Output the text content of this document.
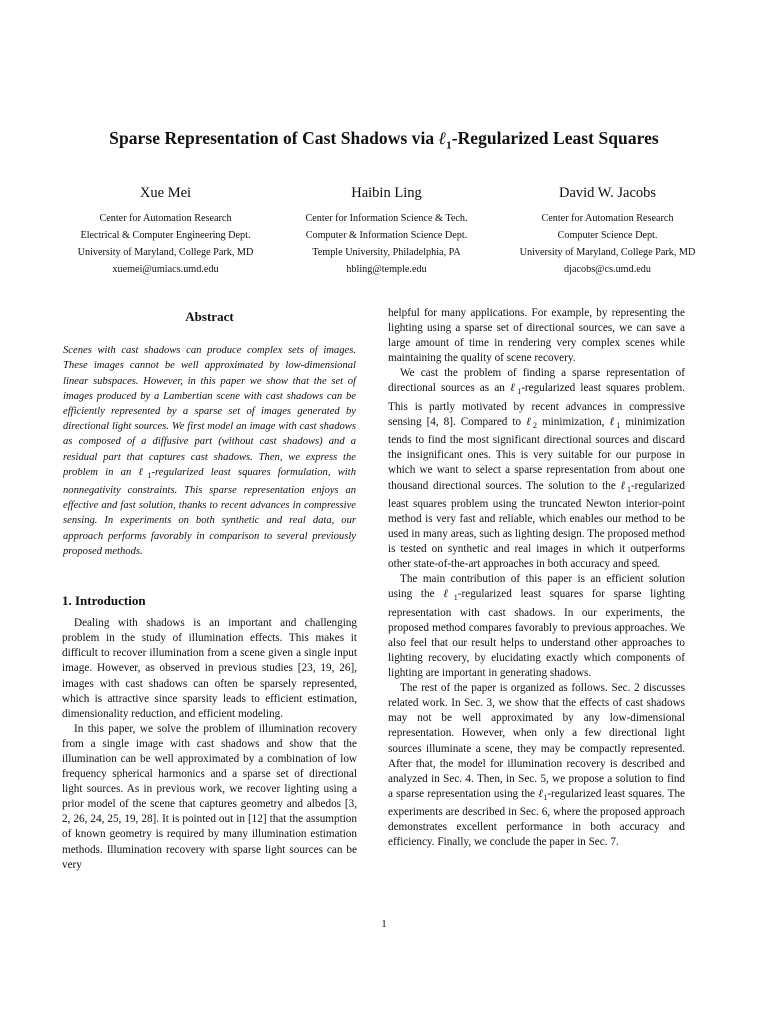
Sparse Representation of Cast Shadows via ℓ$_1$-Regularized Least Squares
Xue Mei
Center for Automation Research
Electrical & Computer Engineering Dept.
University of Maryland, College Park, MD
xuemei@umiacs.umd.edu
Haibin Ling
Center for Information Science & Tech.
Computer & Information Science Dept.
Temple University, Philadelphia, PA
hbling@temple.edu
David W. Jacobs
Center for Automation Research
Computer Science Dept.
University of Maryland, College Park, MD
djacobs@cs.umd.edu
Abstract

Scenes with cast shadows can produce complex sets of images. These images cannot be well approximated by low-dimensional linear subspaces. However, in this paper we show that the set of images produced by a Lambertian scene with cast shadows can be efficiently represented by a sparse set of images generated by directional light sources. We first model an image with cast shadows as composed of a diffusive part (without cast shadows) and a residual part that captures cast shadows. Then, we express the problem in an ℓ$_1$-regularized least squares formulation, with nonnegativity constraints. This sparse representation enjoys an effective and fast solution, thanks to recent advances in compressive sensing. In experiments on both synthetic and real data, our approach performs favorably in comparison to several previously proposed methods.

1. Introduction

Dealing with shadows is an important and challenging problem in the study of illumination effects. This makes it difficult to recover illumination from a scene given a single input image. However, as observed in previous studies [23, 19, 26], images with cast shadows can often be sparsely represented, which is attractive since sparsity leads to efficient estimation, dimensionality reduction, and efficient modeling.

In this paper, we solve the problem of illumination recovery from a single image with cast shadows and show that the illumination can be well approximated by a combination of low frequency spherical harmonics and a sparse set of directional light sources. As in previous work, we recover lighting using a prior model of the scene that captures geometry and albedos [3, 2, 26, 24, 25, 19, 28]. It is pointed out in [12] that the assumption of known geometry is required by many illumination estimation methods. Illumination recovery with sparse light sources can be very

helpful for many applications. For example, by representing the lighting using a sparse set of directional sources, we can save a large amount of time in rendering very complex scenes while maintaining the quality of scene recovery.

We cast the problem of finding a sparse representation of directional sources as an ℓ$_1$-regularized least squares problem. This is partly motivated by recent advances in compressive sensing [4, 8]. Compared to ℓ$_2$ minimization, ℓ$_1$ minimization tends to find the most significant directional sources and discard the insignificant ones. This is very suitable for our purpose in which we want to select a sparse representation from about one thousand directional sources. The solution to the ℓ$_1$-regularized least squares problem using the truncated Newton interior-point method is very fast and reliable, which enables our method to be used in many areas, such as lighting design. The proposed method is tested on synthetic and real images in which it outperforms other state-of-the-art approaches in both accuracy and speed.

The main contribution of this paper is an efficient solution using the ℓ$_1$-regularized least squares for sparse lighting representation with cast shadows. In our experiments, the proposed method compares favorably to previous approaches. We also feel that our result helps to understand other approaches to lighting recovery, by elucidating exactly which components of lighting are important in generating shadows.

The rest of the paper is organized as follows. Sec. 2 discusses related work. In Sec. 3, we show that the effects of cast shadows may not be well approximated by any low-dimensional representation. However, when only a few directional light sources illuminate a scene, they may be compactly represented. After that, the model for illumination recovery is described and analyzed in Sec. 4. Then, in Sec. 5, we propose a solution to find a sparse representation using the ℓ$_1$-regularized least squares. The experiments are described in Sec. 6, where the proposed approach demonstrates excellent performance in both accuracy and efficiency. Finally, we conclude the paper in Sec. 7.

1
